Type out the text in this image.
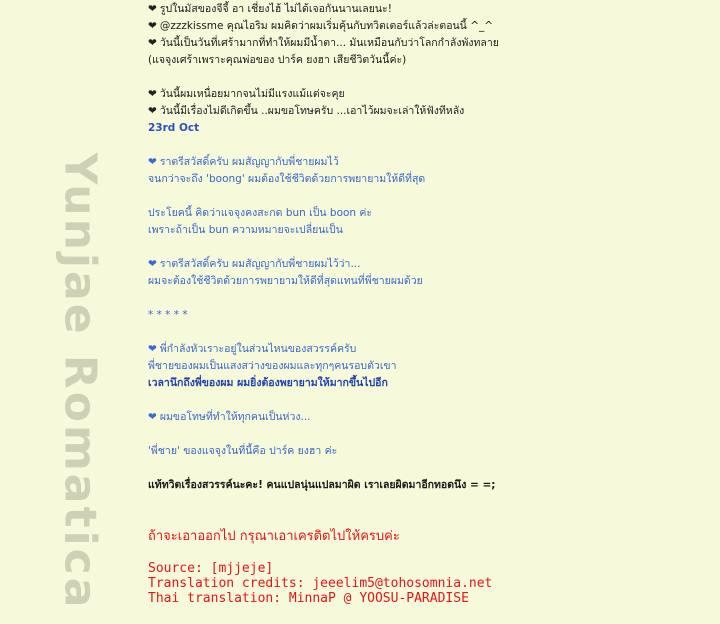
Yunjae Romatica
❤ รูปในมัสของจีจี้ อา เชี่ยงไฮ้ ไม่ได้เจอกันนานเลยนะ!
❤ @zzzkissme คุณไอริม ผมคิดว่าผมเริ่มคุ้นกับทวิตเตอร์แล้วล่ะตอนนี้ ^_^
❤ วันนี้เป็นวันที่เศร้ามากที่ทำให้ผมมีน้ำตา... มันเหมือนกับว่าโลกกำลังพังทลาย
(แจจุงเศร้าเพราะคุณพ่อของ ปาร์ค ยงฮา เสียชีวิตวันนี้ค่ะ)
❤ วันนี้ผมเหนื่อยมากจนไม่มีแรงแม้แต่จะคุย
❤ วันนี้มีเรื่องไม่ดีเกิดขึ้น ..ผมขอโทษครับ ...เอาไว้ผมจะเล่าให้ฟังทีหลัง
23rd Oct
❤ ราตรีสวัสดิ์ครับ ผมสัญญากับพี่ชายผมไว้
จนกว่าจะถึง 'boong' ผมต้องใช้ชีวิตด้วยการพยายามให้ดีที่สุด
ประโยคนี้ คิดว่าแจจุงคงสะกด bun เป็น boon ค่ะ
เพราะถ้าเป็น bun ความหมายจะเปลี่ยนเป็น
❤ ราตรีสวัสดิ์ครับ ผมสัญญากับพี่ชายผมไว้ว่า...
ผมจะต้องใช้ชีวิตด้วยการพยายามให้ดีที่สุดแทนที่พี่ชายผมด้วย
* * * * *
❤ พี่กำลังหัวเราะอยู่ในส่วนไหนของสวรรค์ครับ
พี่ชายของผมเป็นแสงสว่างของผมและทุกๆคนรอบตัวเขา
เวลานึกถึงพี่ของผม ผมยิ่งต้องพยายามให้มากขึ้นไปอีก
❤ ผมขอโทษที่ทำให้ทุกคนเป็นห่วง...
'พี่ชาย' ของแจจุงในที่นี้คือ ปาร์ค ยงฮา ค่ะ
แท้ทวิตเรื่องสวรรค์นะคะ! คนแปลนุ่นแปลมาผิด เราเลยผิดมาอีกทอดนึง = =;
ถ้าจะเอาออกไป กรุณาเอาเครดิตไปให้ครบค่ะ
Source: [mjjeje]
Translation credits: jeeelim5@tohosomnia.net
Thai translation: MinnaP @ YOOSU-PARADISE
